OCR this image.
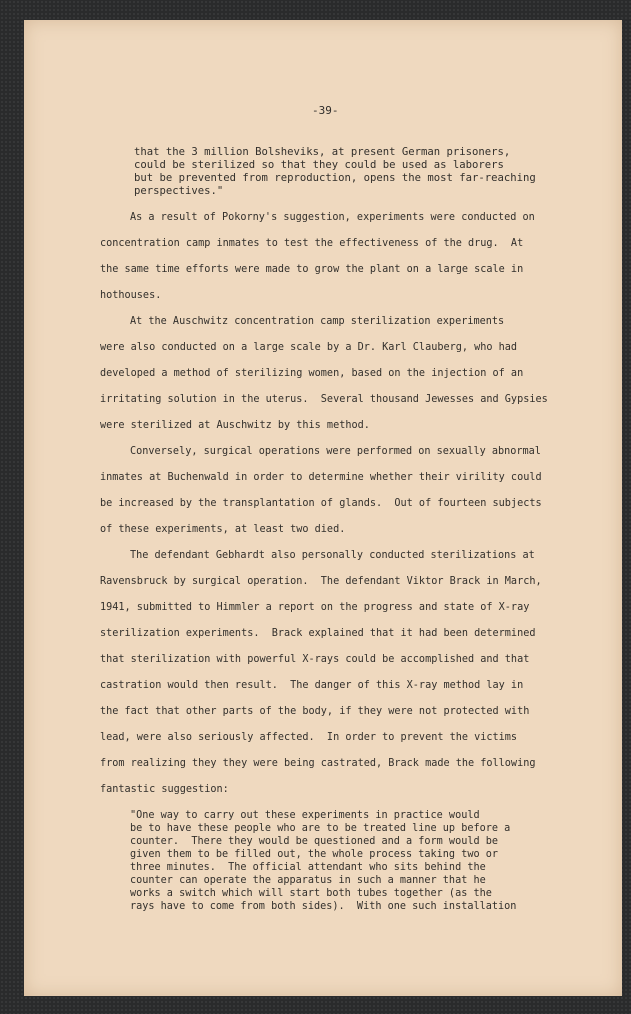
-39-
that the 3 million Bolsheviks, at present German prisoners,
could be sterilized so that they could be used as laborers
but be prevented from reproduction, opens the most far-reaching
perspectives."
As a result of Pokorny's suggestion, experiments were conducted on
concentration camp inmates to test the effectiveness of the drug.  At
the same time efforts were made to grow the plant on a large scale in
hothouses.
At the Auschwitz concentration camp sterilization experiments
were also conducted on a large scale by a Dr. Karl Clauberg, who had
developed a method of sterilizing women, based on the injection of an
irritating solution in the uterus.  Several thousand Jewesses and Gypsies
were sterilized at Auschwitz by this method.
Conversely, surgical operations were performed on sexually abnormal
inmates at Buchenwald in order to determine whether their virility could
be increased by the transplantation of glands.  Out of fourteen subjects
of these experiments, at least two died.
The defendant Gebhardt also personally conducted sterilizations at
Ravensbruck by surgical operation.  The defendant Viktor Brack in March,
1941, submitted to Himmler a report on the progress and state of X-ray
sterilization experiments.  Brack explained that it had been determined
that sterilization with powerful X-rays could be accomplished and that
castration would then result.  The danger of this X-ray method lay in
the fact that other parts of the body, if they were not protected with
lead, were also seriously affected.  In order to prevent the victims
from realizing they they were being castrated, Brack made the following
fantastic suggestion:
"One way to carry out these experiments in practice would
be to have these people who are to be treated line up before a
counter.  There they would be questioned and a form would be
given them to be filled out, the whole process taking two or
three minutes.  The official attendant who sits behind the
counter can operate the apparatus in such a manner that he
works a switch which will start both tubes together (as the
rays have to come from both sides).  With one such installation
